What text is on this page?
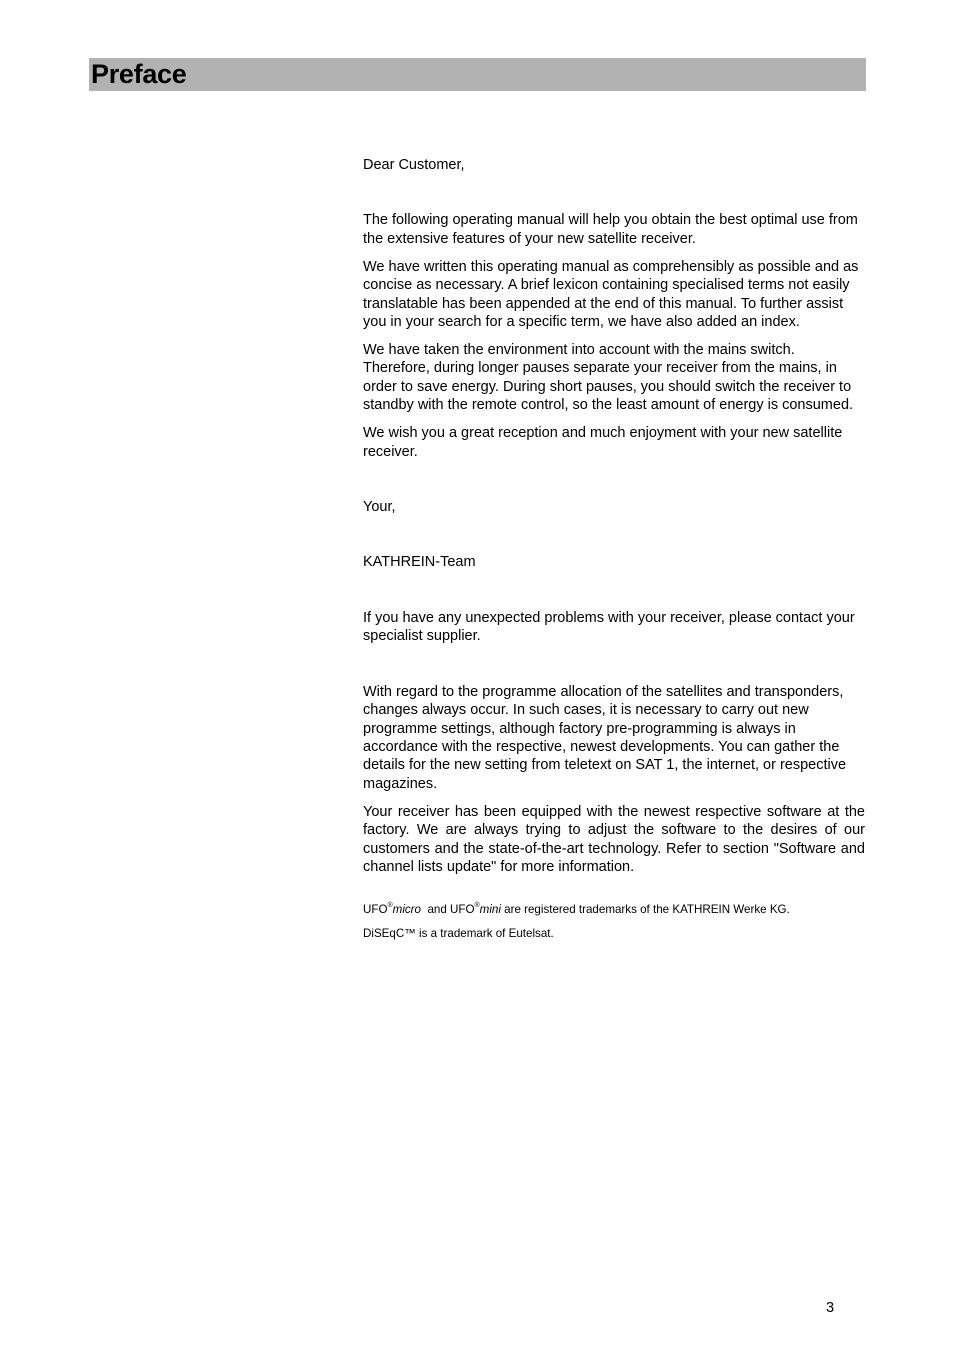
Preface

Dear Customer,

The following operating manual will help you obtain the best optimal use from the extensive features of your new satellite receiver.

We have written this operating manual as comprehensibly as possible and as concise as necessary. A brief lexicon containing specialised terms not easily translatable has been appended at the end of this manual. To further assist you in your search for a specific term, we have also added an index.

We have taken the environment into account with the mains switch. Therefore, during longer pauses separate your receiver from the mains, in order to save energy. During short pauses, you should switch the receiver to standby with the remote control, so the least amount of energy is consumed.

We wish you a great reception and much enjoyment with your new satellite receiver.

Your,

KATHREIN-Team

If you have any unexpected problems with your receiver, please contact your specialist supplier.

With regard to the programme allocation of the satellites and transponders, changes always occur. In such cases, it is necessary to carry out new programme settings, although factory pre-programming is always in accordance with the respective, newest developments. You can gather the details for the new setting from teletext on SAT 1, the internet, or respective magazines.

Your receiver has been equipped with the newest respective software at the factory. We are always trying to adjust the software to the desires of our customers and the state-of-the-art technology. Refer to section "Software and channel lists update" for more information.

UFO®micro  and UFO®mini are registered trademarks of the KATHREIN Werke KG.

DiSEqC™ is a trademark of Eutelsat.

3
